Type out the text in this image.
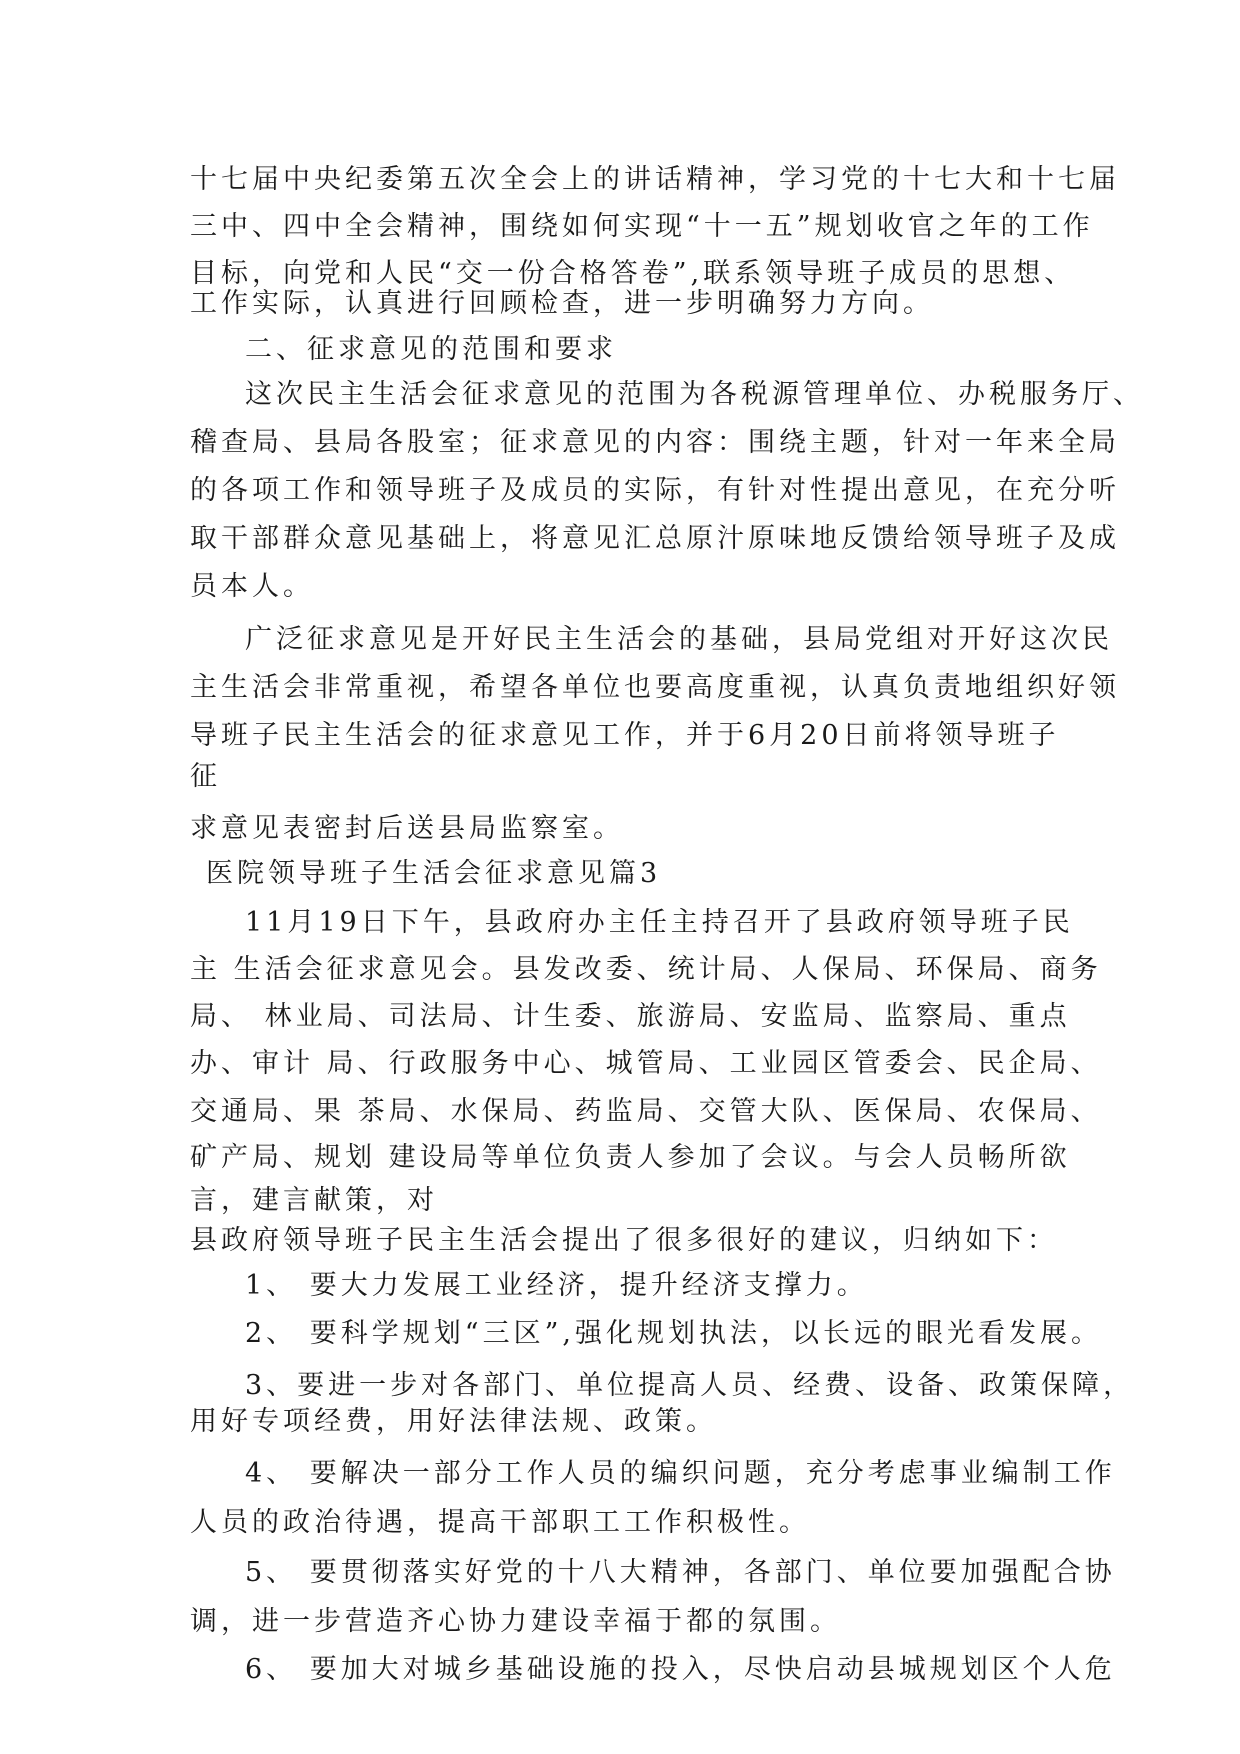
十七届中央纪委第五次全会上的讲话精神，学习党的十七大和十七届
三中、四中全会精神，围绕如何实现“十一五”规划收官之年的工作
目标，向党和人民“交一份合格答卷”,联系领导班子成员的思想、
工作实际，认真进行回顾检查，进一步明确努力方向。
二、征求意见的范围和要求
这次民主生活会征求意见的范围为各税源管理单位、办税服务厅、
稽查局、县局各股室；征求意见的内容：围绕主题，针对一年来全局
的各项工作和领导班子及成员的实际，有针对性提出意见，在充分听
取干部群众意见基础上，将意见汇总原汁原味地反馈给领导班子及成
员本人。
广泛征求意见是开好民主生活会的基础，县局党组对开好这次民
主生活会非常重视，希望各单位也要高度重视，认真负责地组织好领
导班子民主生活会的征求意见工作，并于6月20日前将领导班子
征
求意见表密封后送县局监察室。
医院领导班子生活会征求意见篇3
11月19日下午，县政府办主任主持召开了县政府领导班子民
主 生活会征求意见会。县发改委、统计局、人保局、环保局、商务
局、 林业局、司法局、计生委、旅游局、安监局、监察局、重点
办、审计 局、行政服务中心、城管局、工业园区管委会、民企局、
交通局、果 茶局、水保局、药监局、交管大队、医保局、农保局、
矿产局、规划 建设局等单位负责人参加了会议。与会人员畅所欲
言，建言献策，对
县政府领导班子民主生活会提出了很多很好的建议，归纳如下：
1、 要大力发展工业经济，提升经济支撑力。
2、 要科学规划“三区”,强化规划执法，以长远的眼光看发展。
3、要进一步对各部门、单位提高人员、经费、设备、政策保障，
用好专项经费，用好法律法规、政策。
4、 要解决一部分工作人员的编织问题，充分考虑事业编制工作
人员的政治待遇，提高干部职工工作积极性。
5、 要贯彻落实好党的十八大精神，各部门、单位要加强配合协
调，进一步营造齐心协力建设幸福于都的氛围。
6、 要加大对城乡基础设施的投入，尽快启动县城规划区个人危
